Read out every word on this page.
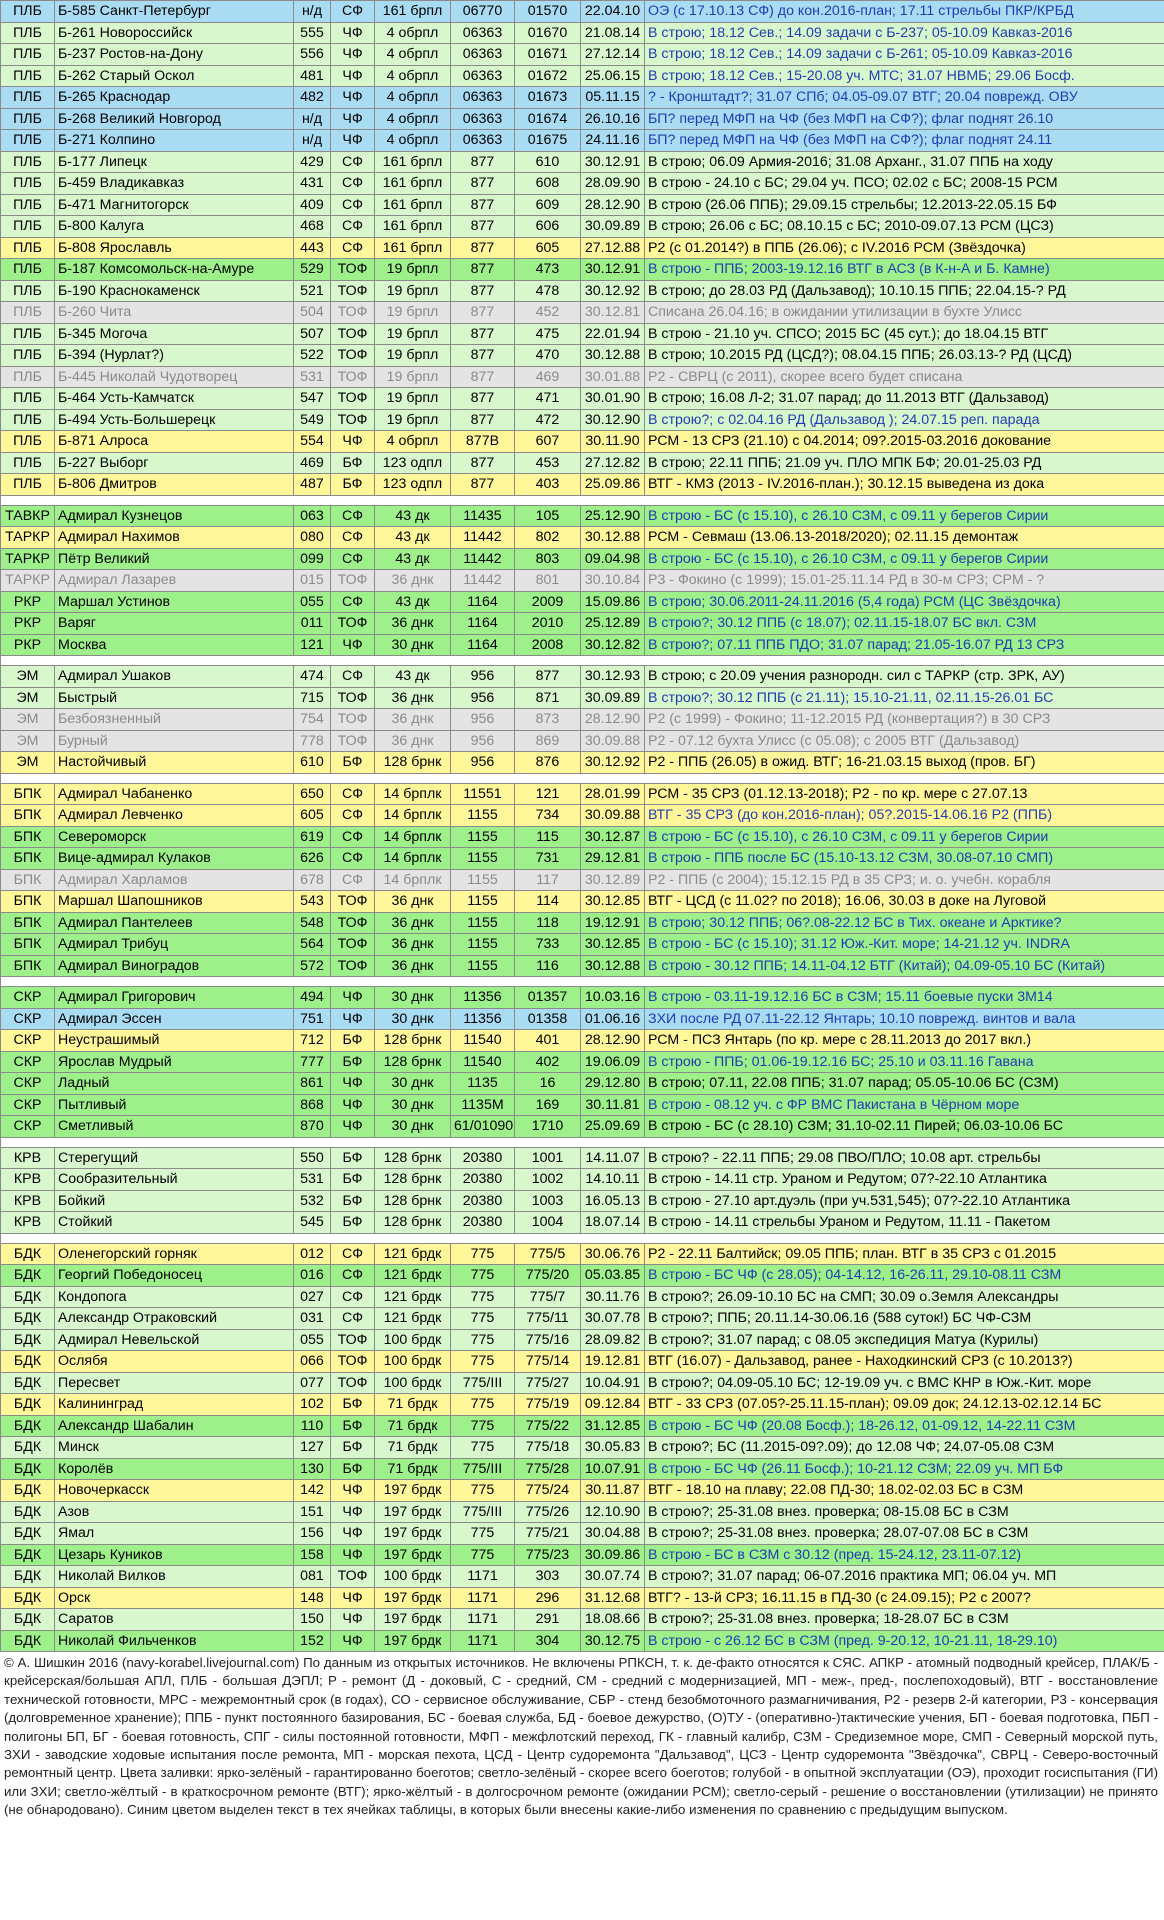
ПЛБ	Б-585 Санкт-Петербург	н/д	СФ	161 брпл	06770	01570	22.04.10	ОЭ (с 17.10.13 СФ) до кон.2016-план; 17.11 стрельбы ПКР/КРБД
ПЛБ	Б-261 Новороссийск	555	ЧФ	4 обрпл	06363	01670	21.08.14	В строю; 18.12 Сев.; 14.09 задачи с Б-237; 05-10.09 Кавказ-2016
ПЛБ	Б-237 Ростов-на-Дону	556	ЧФ	4 обрпл	06363	01671	27.12.14	В строю; 18.12 Сев.; 14.09 задачи с Б-261; 05-10.09 Кавказ-2016
ПЛБ	Б-262 Старый Оскол	481	ЧФ	4 обрпл	06363	01672	25.06.15	В строю; 18.12 Сев.; 15-20.08 уч. МТС; 31.07 НВМБ; 29.06 Босф.
ПЛБ	Б-265 Краснодар	482	ЧФ	4 обрпл	06363	01673	05.11.15	? - Кронштадт?; 31.07 СПб; 04.05-09.07 ВТГ; 20.04 поврежд. ОВУ
ПЛБ	Б-268 Великий Новгород	н/д	ЧФ	4 обрпл	06363	01674	26.10.16	БП? перед МФП на ЧФ (без МФП на СФ?); флаг поднят 26.10
ПЛБ	Б-271 Колпино	н/д	ЧФ	4 обрпл	06363	01675	24.11.16	БП? перед МФП на ЧФ (без МФП на СФ?); флаг поднят 24.11
ПЛБ	Б-177 Липецк	429	СФ	161 брпл	877	610	30.12.91	В строю; 06.09 Армия-2016; 31.08 Арханг., 31.07 ППБ на ходу
ПЛБ	Б-459 Владикавказ	431	СФ	161 брпл	877	608	28.09.90	В строю - 24.10 с БС; 29.04 уч. ПСО; 02.02 с БС; 2008-15 РСМ
ПЛБ	Б-471 Магнитогорск	409	СФ	161 брпл	877	609	28.12.90	В строю (26.06 ППБ); 29.09.15 стрельбы; 12.2013-22.05.15 БФ
ПЛБ	Б-800 Калуга	468	СФ	161 брпл	877	606	30.09.89	В строю; 26.06 с БС; 08.10.15 с БС; 2010-09.07.13 РСМ (ЦСЗ)
ПЛБ	Б-808 Ярославль	443	СФ	161 брпл	877	605	27.12.88	Р2 (с 01.2014?) в ППБ (26.06); с IV.2016 РСМ (Звёздочка)
ПЛБ	Б-187 Комсомольск-на-Амуре	529	ТОФ	19 брпл	877	473	30.12.91	В строю - ППБ; 2003-19.12.16 ВТГ в АСЗ (в К-н-А и Б. Камне)
ПЛБ	Б-190 Краснокаменск	521	ТОФ	19 брпл	877	478	30.12.92	В строю; до 28.03 РД (Дальзавод); 10.10.15 ППБ; 22.04.15-? РД
ПЛБ	Б-260 Чита	504	ТОФ	19 брпл	877	452	30.12.81	Списана 26.04.16; в ожидании утилизации в бухте Улисс
ПЛБ	Б-345 Могоча	507	ТОФ	19 брпл	877	475	22.01.94	В строю - 21.10 уч. СПСО; 2015 БС (45 сут.); до 18.04.15 ВТГ
ПЛБ	Б-394 (Нурлат?)	522	ТОФ	19 брпл	877	470	30.12.88	В строю; 10.2015 РД (ЦСД?); 08.04.15 ППБ; 26.03.13-? РД (ЦСД)
ПЛБ	Б-445 Николай Чудотворец	531	ТОФ	19 брпл	877	469	30.01.88	Р2 - СВРЦ (с 2011), скорее всего будет списана
ПЛБ	Б-464 Усть-Камчатск	547	ТОФ	19 брпл	877	471	30.01.90	В строю; 16.08 Л-2; 31.07 парад; до 11.2013 ВТГ (Дальзавод)
ПЛБ	Б-494 Усть-Большерецк	549	ТОФ	19 брпл	877	472	30.12.90	В строю?; с 02.04.16 РД (Дальзавод ); 24.07.15 реп. парада
ПЛБ	Б-871 Алроса	554	ЧФ	4 обрпл	877В	607	30.11.90	РСМ - 13 СРЗ (21.10) с 04.2014; 09?.2015-03.2016 докование
ПЛБ	Б-227 Выборг	469	БФ	123 одпл	877	453	27.12.82	В строю; 22.11 ППБ; 21.09 уч. ПЛО МПК БФ; 20.01-25.03 РД
ПЛБ	Б-806 Дмитров	487	БФ	123 одпл	877	403	25.09.86	ВТГ - КМЗ (2013 - IV.2016-план.); 30.12.15 выведена из дока

ТАВКР	Адмирал Кузнецов	063	СФ	43 дк	11435	105	25.12.90	В строю - БС (с 15.10), с 26.10 СЗМ, с 09.11 у берегов Сирии
ТАРКР	Адмирал Нахимов	080	СФ	43 дк	11442	802	30.12.88	РСМ - Севмаш (13.06.13-2018/2020); 02.11.15 демонтаж
ТАРКР	Пётр Великий	099	СФ	43 дк	11442	803	09.04.98	В строю - БС (с 15.10), с 26.10 СЗМ, с 09.11 у берегов Сирии
ТАРКР	Адмирал Лазарев	015	ТОФ	36 днк	11442	801	30.10.84	Р3 - Фокино (с 1999); 15.01-25.11.14 РД в 30-м СРЗ; СРМ - ?
РКР	Маршал Устинов	055	СФ	43 дк	1164	2009	15.09.86	В строю; 30.06.2011-24.11.2016 (5,4 года) РСМ (ЦС Звёздочка)
РКР	Варяг	011	ТОФ	36 днк	1164	2010	25.12.89	В строю?; 30.12 ППБ (с 18.07); 02.11.15-18.07 БС вкл. СЗМ
РКР	Москва	121	ЧФ	30 днк	1164	2008	30.12.82	В строю?; 07.11 ППБ ПДО; 31.07 парад; 21.05-16.07 РД 13 СРЗ

ЭМ	Адмирал Ушаков	474	СФ	43 дк	956	877	30.12.93	В строю; с 20.09 учения разнородн. сил с ТАРКР (стр. ЗРК, АУ)
ЭМ	Быстрый	715	ТОФ	36 днк	956	871	30.09.89	В строю?; 30.12 ППБ (с 21.11); 15.10-21.11, 02.11.15-26.01 БС
ЭМ	Безбоязненный	754	ТОФ	36 днк	956	873	28.12.90	Р2 (с 1999) - Фокино; 11-12.2015 РД (конвертация?) в 30 СРЗ
ЭМ	Бурный	778	ТОФ	36 днк	956	869	30.09.88	Р2 - 07.12 бухта Улисс (с 05.08); с 2005 ВТГ (Дальзавод)
ЭМ	Настойчивый	610	БФ	128 брнк	956	876	30.12.92	Р2 - ППБ (26.05) в ожид. ВТГ; 16-21.03.15 выход (пров. БГ)

БПК	Адмирал Чабаненко	650	СФ	14 брплк	11551	121	28.01.99	РСМ - 35 СРЗ (01.12.13-2018); Р2 - по кр. мере с 27.07.13
БПК	Адмирал Левченко	605	СФ	14 брплк	1155	734	30.09.88	ВТГ - 35 СРЗ (до кон.2016-план); 05?.2015-14.06.16 Р2 (ППБ)
БПК	Североморск	619	СФ	14 брплк	1155	115	30.12.87	В строю - БС (с 15.10), с 26.10 СЗМ, с 09.11 у берегов Сирии
БПК	Вице-адмирал Кулаков	626	СФ	14 брплк	1155	731	29.12.81	В строю - ППБ после БС (15.10-13.12 СЗМ, 30.08-07.10 СМП)
БПК	Адмирал Харламов	678	СФ	14 брплк	1155	117	30.12.89	Р2 - ППБ (с 2004); 15.12.15 РД в 35 СРЗ; и. о. учебн. корабля
БПК	Маршал Шапошников	543	ТОФ	36 днк	1155	114	30.12.85	ВТГ - ЦСД (с 11.02? по 2018); 16.06, 30.03 в доке на Луговой
БПК	Адмирал Пантелеев	548	ТОФ	36 днк	1155	118	19.12.91	В строю; 30.12 ППБ; 06?.08-22.12 БС в Тих. океане и Арктике?
БПК	Адмирал Трибуц	564	ТОФ	36 днк	1155	733	30.12.85	В строю - БС (с 15.10); 31.12 Юж.-Кит. море; 14-21.12 уч. INDRA
БПК	Адмирал Виноградов	572	ТОФ	36 днк	1155	116	30.12.88	В строю - 30.12 ППБ; 14.11-04.12 БТГ (Китай); 04.09-05.10 БС (Китай)

СКР	Адмирал Григорович	494	ЧФ	30 днк	11356	01357	10.03.16	В строю - 03.11-19.12.16 БС в СЗМ; 15.11 боевые пуски 3М14
СКР	Адмирал Эссен	751	ЧФ	30 днк	11356	01358	01.06.16	ЗХИ после РД 07.11-22.12 Янтарь; 10.10 поврежд. винтов и вала
СКР	Неустрашимый	712	БФ	128 брнк	11540	401	28.12.90	РСМ - ПСЗ Янтарь (по кр. мере с 28.11.2013 до 2017 вкл.)
СКР	Ярослав Мудрый	777	БФ	128 брнк	11540	402	19.06.09	В строю - ППБ; 01.06-19.12.16 БС; 25.10 и 03.11.16 Гавана
СКР	Ладный	861	ЧФ	30 днк	1135	16	29.12.80	В строю; 07.11, 22.08 ППБ; 31.07 парад; 05.05-10.06 БС (СЗМ)
СКР	Пытливый	868	ЧФ	30 днк	1135М	169	30.11.81	В строю - 08.12 уч. с ФР ВМС Пакистана в Чёрном море
СКР	Сметливый	870	ЧФ	30 днк	61/01090	1710	25.09.69	В строю - БС (с 28.10) СЗМ; 31.10-02.11 Пирей; 06.03-10.06 БС

КРВ	Стерегущий	550	БФ	128 брнк	20380	1001	14.11.07	В строю? - 22.11 ППБ; 29.08 ПВО/ПЛО; 10.08 арт. стрельбы
КРВ	Сообразительный	531	БФ	128 брнк	20380	1002	14.10.11	В строю - 14.11 стр. Ураном и Редутом; 07?-22.10 Атлантика
КРВ	Бойкий	532	БФ	128 брнк	20380	1003	16.05.13	В строю - 27.10 арт.дуэль (при уч.531,545); 07?-22.10 Атлантика
КРВ	Стойкий	545	БФ	128 брнк	20380	1004	18.07.14	В строю - 14.11 стрельбы Ураном и Редутом, 11.11 - Пакетом

БДК	Оленегорский горняк	012	СФ	121 брдк	775	775/5	30.06.76	Р2 - 22.11 Балтийск; 09.05 ППБ; план. ВТГ в 35 СРЗ с 01.2015
БДК	Георгий Победоносец	016	СФ	121 брдк	775	775/20	05.03.85	В строю - БС ЧФ (с 28.05); 04-14.12, 16-26.11, 29.10-08.11 СЗМ
БДК	Кондопога	027	СФ	121 брдк	775	775/7	30.11.76	В строю?; 26.09-10.10 БС на СМП; 30.09 о.Земля Александры
БДК	Александр Отраковский	031	СФ	121 брдк	775	775/11	30.07.78	В строю?; ППБ; 20.11.14-30.06.16 (588 суток!) БС ЧФ-СЗМ
БДК	Адмирал Невельской	055	ТОФ	100 брдк	775	775/16	28.09.82	В строю?; 31.07 парад; с 08.05 экспедиция Матуа (Курилы)
БДК	Ослябя	066	ТОФ	100 брдк	775	775/14	19.12.81	ВТГ (16.07) - Дальзавод, ранее - Находкинский СРЗ (с 10.2013?)
БДК	Пересвет	077	ТОФ	100 брдк	775/III	775/27	10.04.91	В строю?; 04.09-05.10 БС; 12-19.09 уч. с ВМС КНР в Юж.-Кит. море
БДК	Калининград	102	БФ	71 брдк	775	775/19	09.12.84	ВТГ - 33 СРЗ (07.05?-25.11.15-план); 09.09 док; 24.12.13-02.12.14 БС
БДК	Александр Шабалин	110	БФ	71 брдк	775	775/22	31.12.85	В строю - БС ЧФ (20.08 Босф.); 18-26.12, 01-09.12, 14-22.11 СЗМ
БДК	Минск	127	БФ	71 брдк	775	775/18	30.05.83	В строю?; БС (11.2015-09?.09); до 12.08 ЧФ; 24.07-05.08 СЗМ
БДК	Королёв	130	БФ	71 брдк	775/III	775/28	10.07.91	В строю - БС ЧФ (26.11 Босф.); 10-21.12 СЗМ; 22.09 уч. МП БФ
БДК	Новочеркасск	142	ЧФ	197 брдк	775	775/24	30.11.87	ВТГ - 18.10 на плаву; 22.08 ПД-30; 18.02-02.03 БС в СЗМ
БДК	Азов	151	ЧФ	197 брдк	775/III	775/26	12.10.90	В строю?; 25-31.08 внез. проверка; 08-15.08 БС в СЗМ
БДК	Ямал	156	ЧФ	197 брдк	775	775/21	30.04.88	В строю?; 25-31.08 внез. проверка; 28.07-07.08 БС в СЗМ
БДК	Цезарь Куников	158	ЧФ	197 брдк	775	775/23	30.09.86	В строю - БС в СЗМ с 30.12 (пред. 15-24.12, 23.11-07.12)
БДК	Николай Вилков	081	ТОФ	100 брдк	1171	303	30.07.74	В строю?; 31.07 парад; 06-07.2016 практика МП; 06.04 уч. МП
БДК	Орск	148	ЧФ	197 брдк	1171	296	31.12.68	ВТГ? - 13-й СРЗ; 16.11.15 в ПД-30 (с 24.09.15); Р2 с 2007?
БДК	Саратов	150	ЧФ	197 брдк	1171	291	18.08.66	В строю?; 25-31.08 внез. проверка; 18-28.07 БС в СЗМ
БДК	Николай Фильченков	152	ЧФ	197 брдк	1171	304	30.12.75	В строю - с 26.12 БС в СЗМ (пред. 9-20.12, 10-21.11, 18-29.10)
© А. Шишкин 2016 (navy-korabel.livejournal.com) По данным из открытых источников. Не включены РПКСН, т. к. де-факто относятся к СЯС. АПКР - атомный подводный крейсер, ПЛАК/Б - крейсерская/большая АПЛ, ПЛБ - большая ДЭПЛ; Р - ремонт (Д - доковый, С - средний, СМ - средний с модернизацией, МП - меж-, пред-, послепоходовый), ВТГ - восстановление технической готовности, МРС - межремонтный срок (в годах), СО - сервисное обслуживание, СБР - стенд безобмоточного размагничивания, Р2 - резерв 2-й категории, Р3 - консервация (долговременное хранение); ППБ - пункт постоянного базирования, БС - боевая служба, БД - боевое дежурство, (О)ТУ - (оперативно-)тактические учения, БП - боевая подготовка, ПБП - полигоны БП, БГ - боевая готовность, СПГ - силы постоянной готовности, МФП - межфлотский переход, ГК - главный калибр, СЗМ - Средиземное море, СМП - Северный морской путь, ЗХИ - заводские ходовые испытания после ремонта, МП - морская пехота, ЦСД - Центр судоремонта "Дальзавод", ЦСЗ - Центр судоремонта "Звёздочка", СВРЦ - Северо-восточный ремонтный центр. Цвета заливки: ярко-зелёный - гарантированно боеготов; светло-зелёный - скорее всего боеготов; голубой - в опытной эксплуатации (ОЭ), проходит госиспытания (ГИ) или ЗХИ; светло-жёлтый - в краткосрочном ремонте (ВТГ); ярко-жёлтый - в долгосрочном ремонте (ожидании РСМ); светло-серый - решение о восстановлении (утилизации) не принято (не обнародовано). Синим цветом выделен текст в тех ячейках таблицы, в которых были внесены какие-либо изменения по сравнению с предыдущим выпуском.
